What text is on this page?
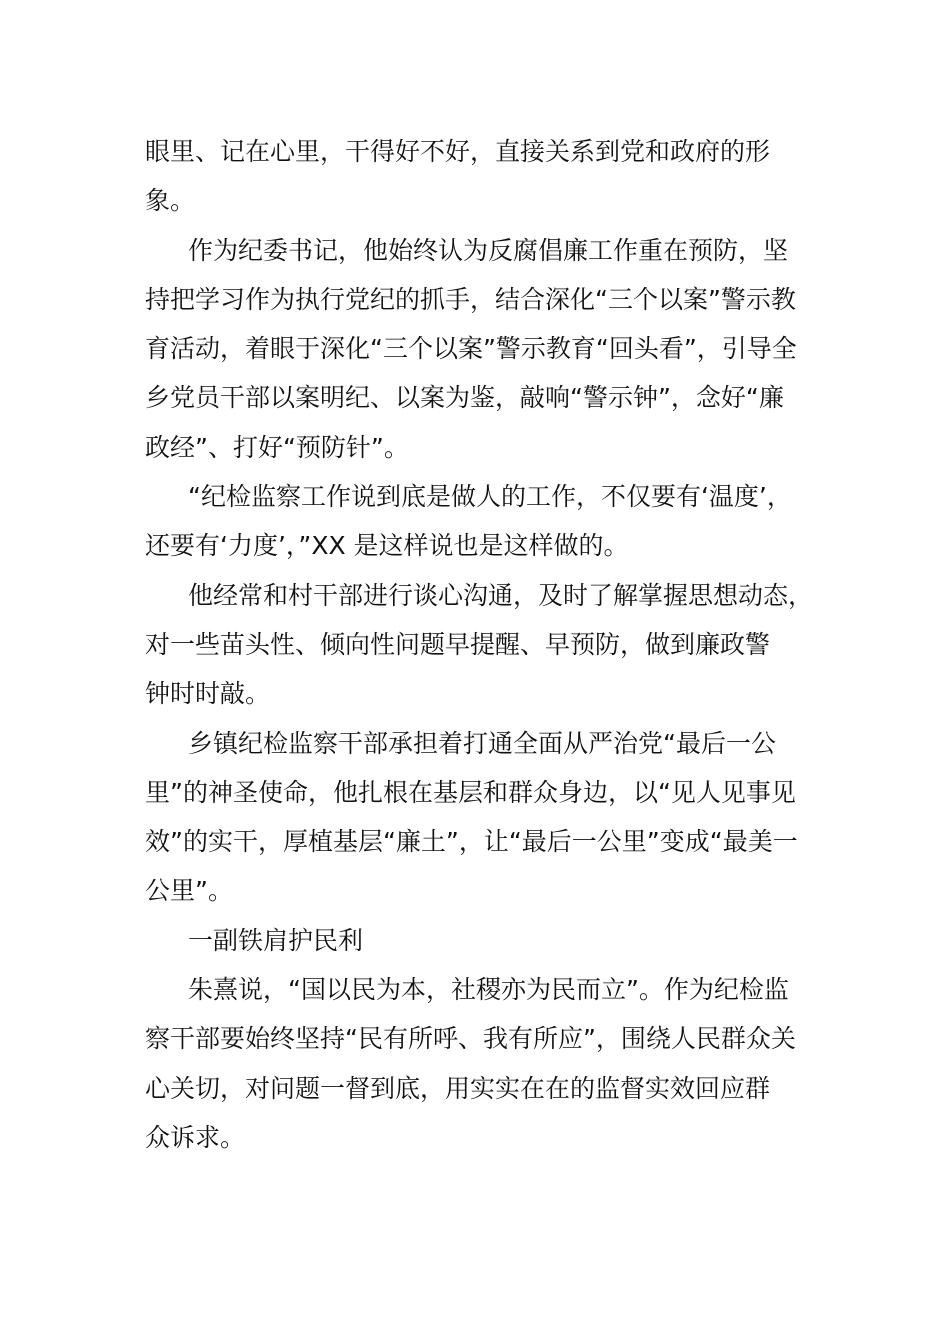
眼里、记在心里，干得好不好，直接关系到党和政府的形
象。
作为纪委书记，他始终认为反腐倡廉工作重在预防，坚
持把学习作为执行党纪的抓手，结合深化“三个以案”警示教
育活动，着眼于深化“三个以案”警示教育“回头看”，引导全
乡党员干部以案明纪、以案为鉴，敲响“警示钟”，念好“廉
政经”、打好“预防针”。
“纪检监察工作说到底是做人的工作，不仅要有‘温度’，
还要有‘力度’，”XX 是这样说也是这样做的。
他经常和村干部进行谈心沟通，及时了解掌握思想动态，
对一些苗头性、倾向性问题早提醒、早预防，做到廉政警
钟时时敲。
乡镇纪检监察干部承担着打通全面从严治党“最后一公
里”的神圣使命，他扎根在基层和群众身边，以“见人见事见
效”的实干，厚植基层“廉土”，让“最后一公里”变成“最美一
公里”。
一副铁肩护民利
朱熹说，“国以民为本，社稷亦为民而立”。作为纪检监
察干部要始终坚持“民有所呼、我有所应”，围绕人民群众关
心关切，对问题一督到底，用实实在在的监督实效回应群
众诉求。
